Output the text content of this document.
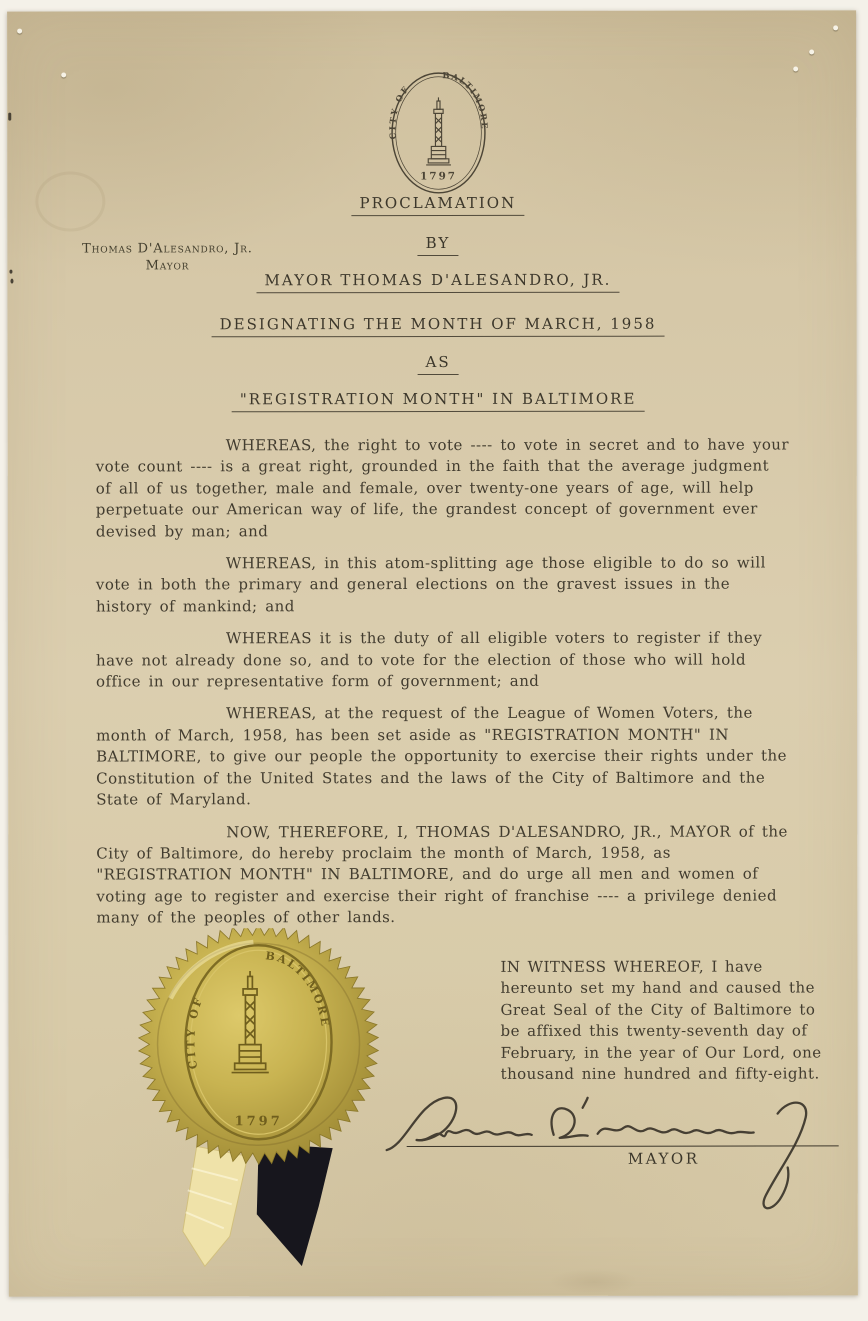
CITY OF
BALTIMORE
1797
Thomas D'Alesandro, Jr.
Mayor
PROCLAMATION
BY
MAYOR THOMAS D'ALESANDRO, JR.
DESIGNATING THE MONTH OF MARCH, 1958
AS
"REGISTRATION MONTH" IN BALTIMORE

WHEREAS, the right to vote ---- to vote in secret and to have your vote count ---- is a great right, grounded in the faith that the average judgment of all of us together, male and female, over twenty-one years of age, will help perpetuate our American way of life, the grandest concept of government ever devised by man; and

WHEREAS, in this atom-splitting age those eligible to do so will vote in both the primary and general elections on the gravest issues in the history of mankind; and

WHEREAS it is the duty of all eligible voters to register if they have not already done so, and to vote for the election of those who will hold office in our representative form of government; and

WHEREAS, at the request of the League of Women Voters, the month of March, 1958, has been set aside as "REGISTRATION MONTH" IN BALTIMORE, to give our people the opportunity to exercise their rights under the Constitution of the United States and the laws of the City of Baltimore and the State of Maryland.

NOW, THEREFORE, I, THOMAS D'ALESANDRO, JR., MAYOR of the City of Baltimore, do hereby proclaim the month of March, 1958, as "REGISTRATION MONTH" IN BALTIMORE, and do urge all men and women of voting age to register and exercise their right of franchise ---- a privilege denied many of the peoples of other lands.

IN WITNESS WHEREOF, I have hereunto set my hand and caused the Great Seal of the City of Baltimore to be affixed this twenty-seventh day of February, in the year of Our Lord, one thousand nine hundred and fifty-eight.
CITY OF
BALTIMORE
1797
MAYOR
